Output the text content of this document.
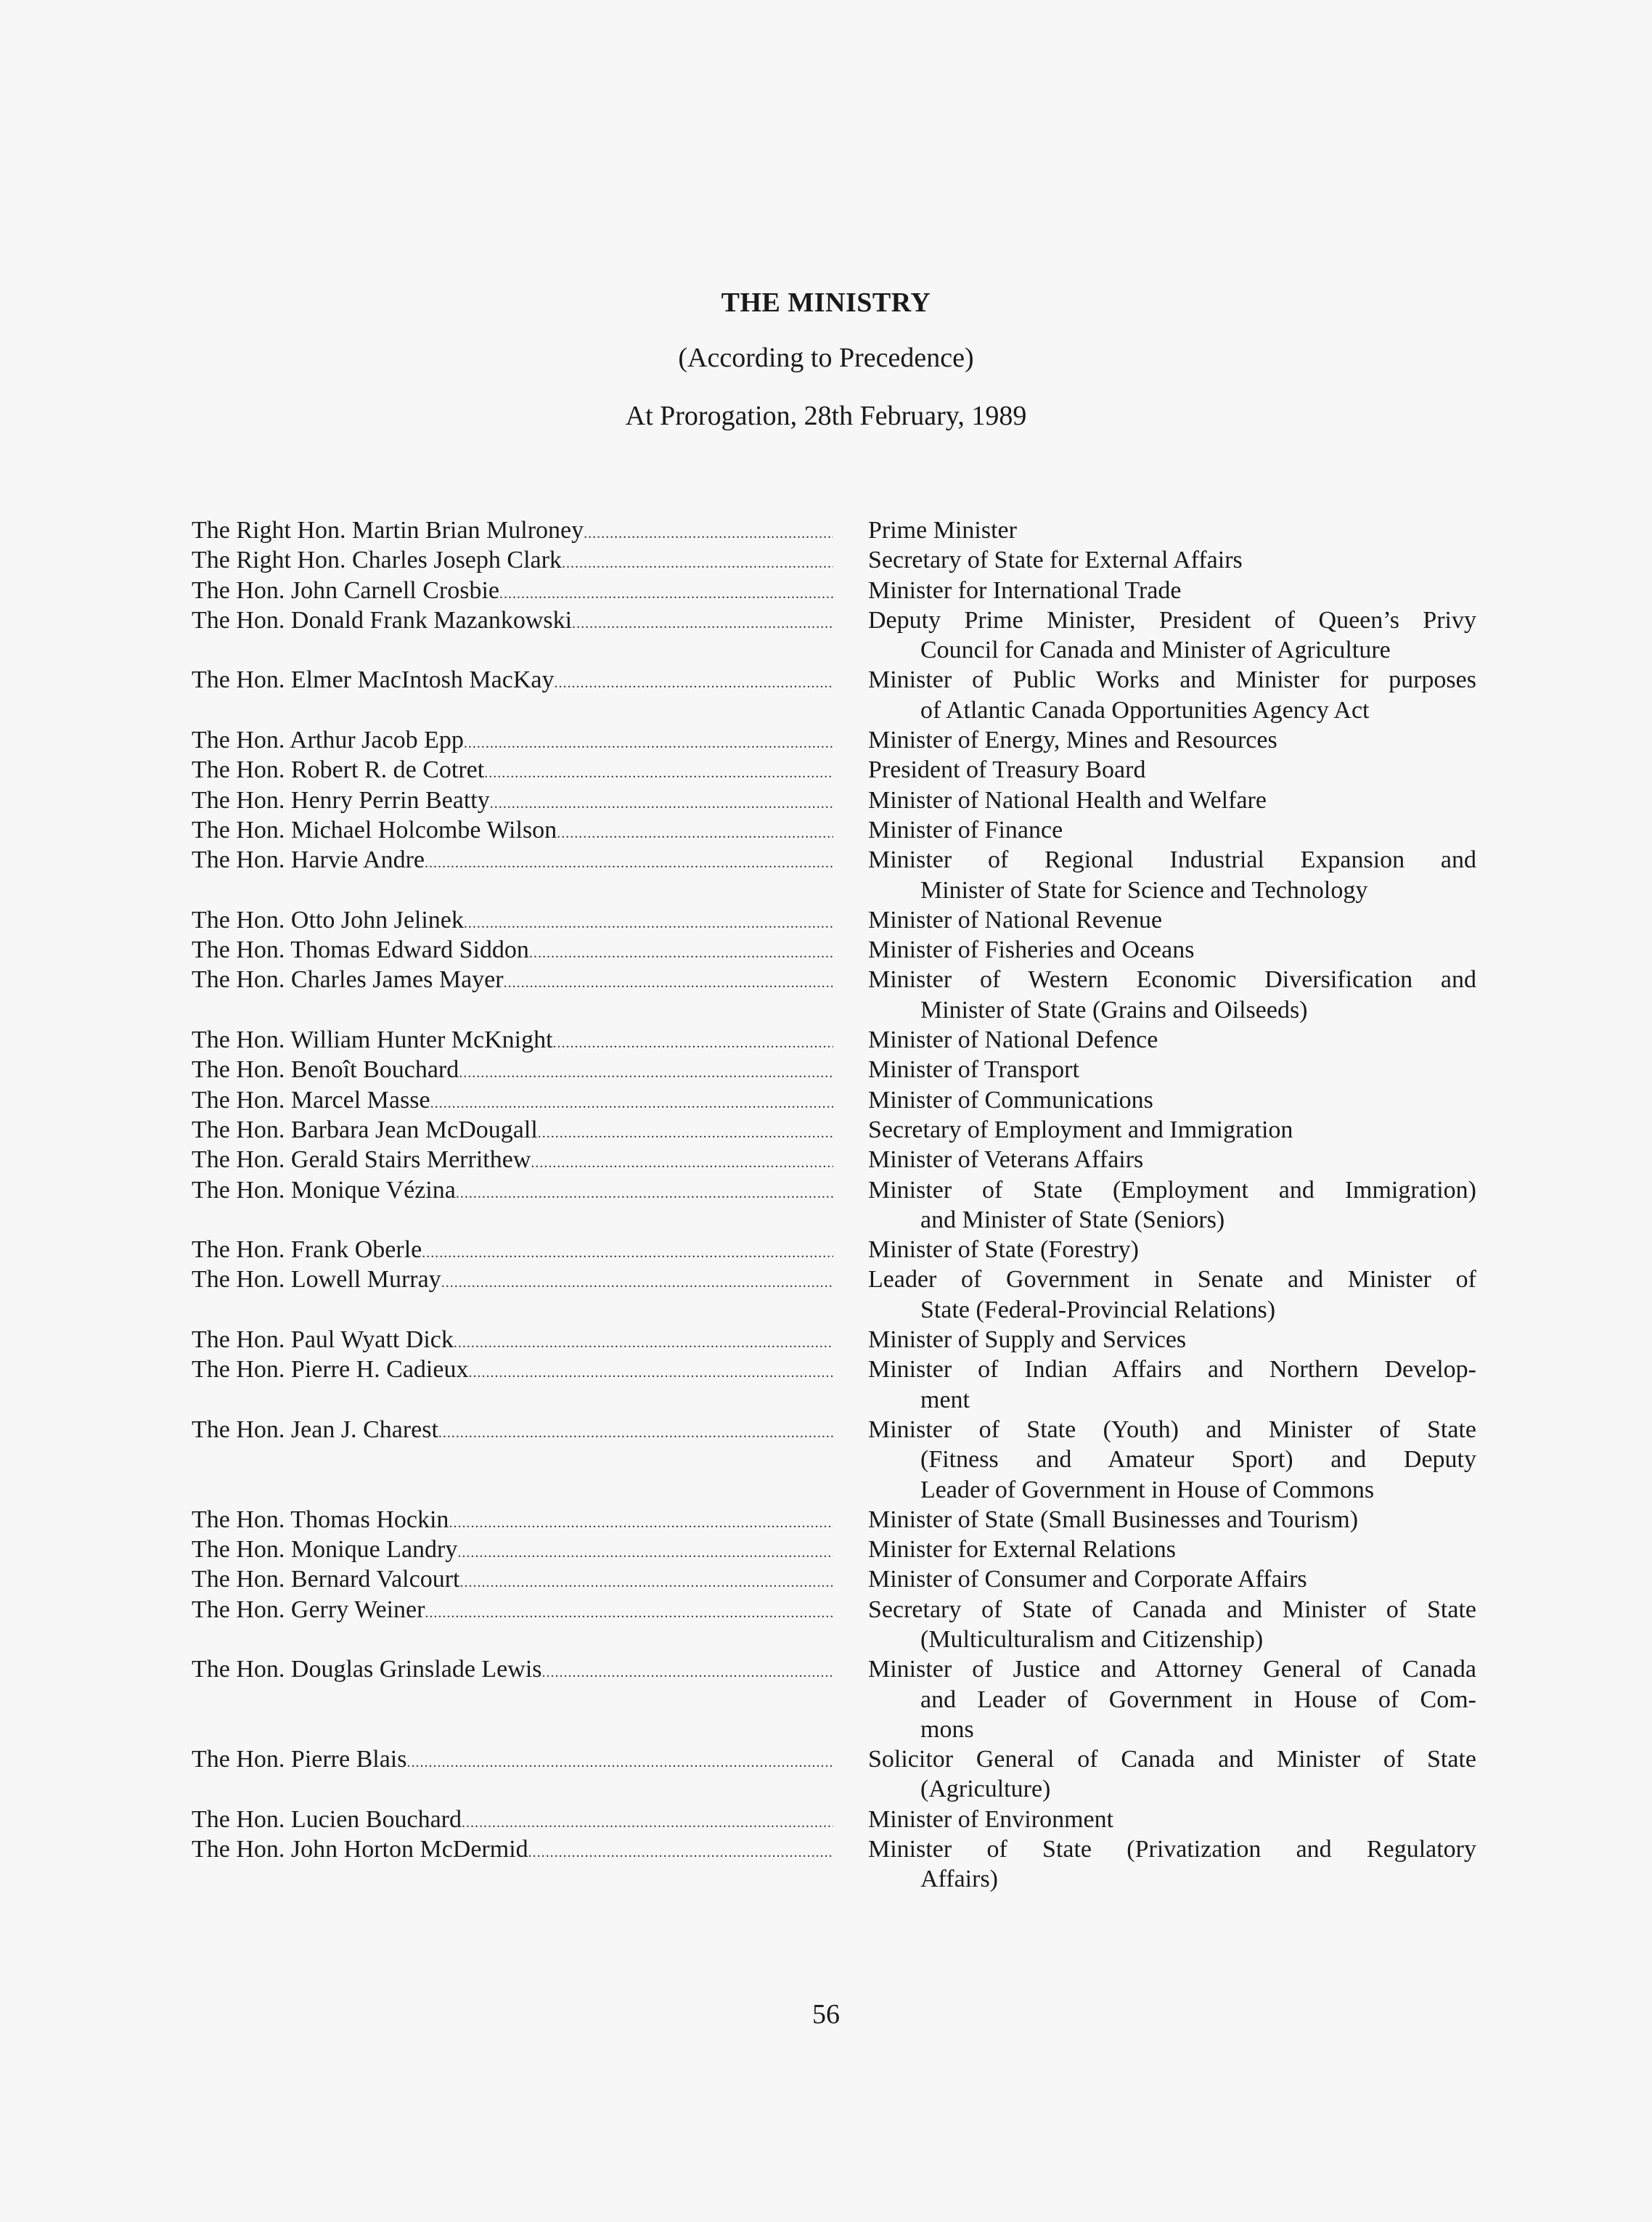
THE MINISTRY
(According to Precedence)
At Prorogation, 28th February, 1989
The Right Hon. Martin Brian Mulroney .....	Prime Minister
The Right Hon. Charles Joseph Clark .....	Secretary of State for External Affairs
The Hon. John Carnell Crosbie .....	Minister for International Trade
The Hon. Donald Frank Mazankowski .....	Deputy Prime Minister, President of Queen’s Privy
Council for Canada and Minister of Agriculture
The Hon. Elmer MacIntosh MacKay .....	Minister of Public Works and Minister for purposes
of Atlantic Canada Opportunities Agency Act
The Hon. Arthur Jacob Epp .....	Minister of Energy, Mines and Resources
The Hon. Robert R. de Cotret .....	President of Treasury Board
The Hon. Henry Perrin Beatty .....	Minister of National Health and Welfare
The Hon. Michael Holcombe Wilson .....	Minister of Finance
The Hon. Harvie Andre .....	Minister of Regional Industrial Expansion and
Minister of State for Science and Technology
The Hon. Otto John Jelinek .....	Minister of National Revenue
The Hon. Thomas Edward Siddon .....	Minister of Fisheries and Oceans
The Hon. Charles James Mayer .....	Minister of Western Economic Diversification and
Minister of State (Grains and Oilseeds)
The Hon. William Hunter McKnight .....	Minister of National Defence
The Hon. Benoît Bouchard .....	Minister of Transport
The Hon. Marcel Masse .....	Minister of Communications
The Hon. Barbara Jean McDougall .....	Secretary of Employment and Immigration
The Hon. Gerald Stairs Merrithew .....	Minister of Veterans Affairs
The Hon. Monique Vézina .....	Minister of State (Employment and Immigration)
and Minister of State (Seniors)
The Hon. Frank Oberle .....	Minister of State (Forestry)
The Hon. Lowell Murray .....	Leader of Government in Senate and Minister of
State (Federal-Provincial Relations)
The Hon. Paul Wyatt Dick .....	Minister of Supply and Services
The Hon. Pierre H. Cadieux .....	Minister of Indian Affairs and Northern Develop-
ment
The Hon. Jean J. Charest .....	Minister of State (Youth) and Minister of State
(Fitness and Amateur Sport) and Deputy
Leader of Government in House of Commons
The Hon. Thomas Hockin .....	Minister of State (Small Businesses and Tourism)
The Hon. Monique Landry .....	Minister for External Relations
The Hon. Bernard Valcourt .....	Minister of Consumer and Corporate Affairs
The Hon. Gerry Weiner .....	Secretary of State of Canada and Minister of State
(Multiculturalism and Citizenship)
The Hon. Douglas Grinslade Lewis .....	Minister of Justice and Attorney General of Canada
and Leader of Government in House of Com-
mons
The Hon. Pierre Blais .....	Solicitor General of Canada and Minister of State
(Agriculture)
The Hon. Lucien Bouchard .....	Minister of Environment
The Hon. John Horton McDermid .....	Minister of State (Privatization and Regulatory
Affairs)
56
